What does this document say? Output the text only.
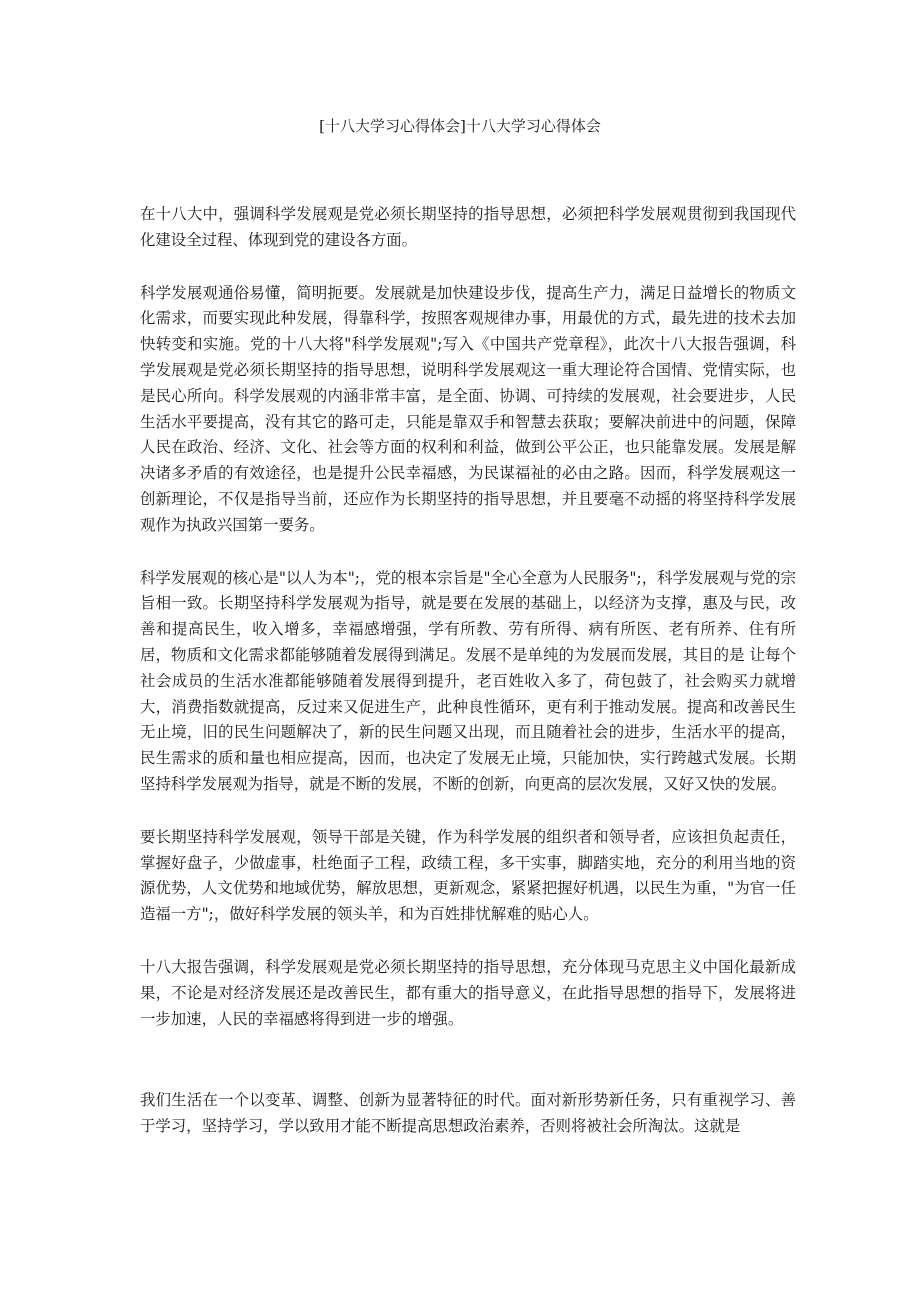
[十八大学习心得体会]十八大学习心得体会

在十八大中，强调科学发展观是党必须长期坚持的指导思想，必须把科学发展观贯彻到我国现代化建设全过程、体现到党的建设各方面。

科学发展观通俗易懂，简明扼要。发展就是加快建设步伐，提高生产力，满足日益增长的物质文化需求，而要实现此种发展，得靠科学，按照客观规律办事，用最优的方式，最先进的技术去加快转变和实施。党的十八大将"科学发展观";写入《中国共产党章程》，此次十八大报告强调，科学发展观是党必须长期坚持的指导思想，说明科学发展观这一重大理论符合国情、党情实际，也是民心所向。科学发展观的内涵非常丰富，是全面、协调、可持续的发展观，社会要进步，人民生活水平要提高，没有其它的路可走，只能是靠双手和智慧去获取；要解决前进中的问题，保障人民在政治、经济、文化、社会等方面的权利和利益，做到公平公正，也只能靠发展。发展是解决诸多矛盾的有效途径，也是提升公民幸福感，为民谋福祉的必由之路。因而，科学发展观这一创新理论，不仅是指导当前，还应作为长期坚持的指导思想，并且要毫不动摇的将坚持科学发展观作为执政兴国第一要务。

科学发展观的核心是"以人为本";，党的根本宗旨是"全心全意为人民服务";，科学发展观与党的宗旨相一致。长期坚持科学发展观为指导，就是要在发展的基础上，以经济为支撑，惠及与民，改善和提高民生，收入增多，幸福感增强，学有所教、劳有所得、病有所医、老有所养、住有所居，物质和文化需求都能够随着发展得到满足。发展不是单纯的为发展而发展，其目的是 让每个社会成员的生活水准都能够随着发展得到提升，老百姓收入多了，荷包鼓了，社会购买力就增大，消费指数就提高，反过来又促进生产，此种良性循环，更有利于推动发展。提高和改善民生无止境，旧的民生问题解决了，新的民生问题又出现，而且随着社会的进步，生活水平的提高，民生需求的质和量也相应提高，因而，也决定了发展无止境，只能加快，实行跨越式发展。长期坚持科学发展观为指导，就是不断的发展，不断的创新，向更高的层次发展，又好又快的发展。

要长期坚持科学发展观，领导干部是关键，作为科学发展的组织者和领导者，应该担负起责任，掌握好盘子，少做虚事，杜绝面子工程，政绩工程，多干实事，脚踏实地，充分的利用当地的资源优势，人文优势和地域优势，解放思想，更新观念，紧紧把握好机遇，以民生为重，"为官一任造福一方";，做好科学发展的领头羊，和为百姓排忧解难的贴心人。

十八大报告强调，科学发展观是党必须长期坚持的指导思想，充分体现马克思主义中国化最新成果，不论是对经济发展还是改善民生，都有重大的指导意义，在此指导思想的指导下，发展将进一步加速，人民的幸福感将得到进一步的增强。

我们生活在一个以变革、调整、创新为显著特征的时代。面对新形势新任务，只有重视学习、善于学习，坚持学习，学以致用才能不断提高思想政治素养，否则将被社会所淘汰。这就是
